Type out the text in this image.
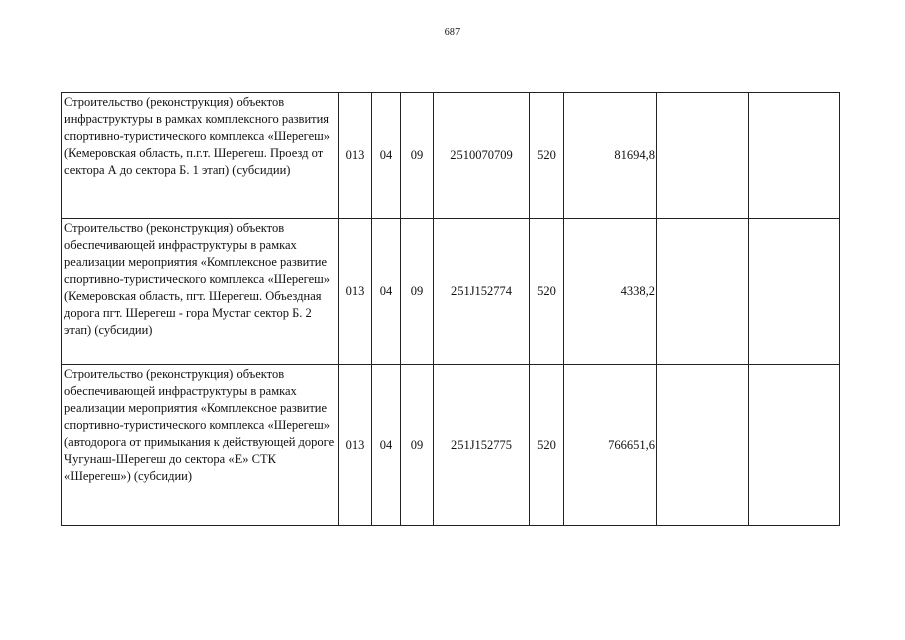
687
Строительство (реконструкция) объектов инфраструктуры в рамках комплексного развития спортивно-туристического комплекса «Шерегеш» (Кемеровская область, п.г.т. Шерегеш. Проезд от сектора А до сектора Б. 1 этап) (субсидии)	013	04	09	2510070709	520	81694,8		
Строительство (реконструкция) объектов обеспечивающей инфраструктуры в рамках реализации мероприятия «Комплексное развитие спортивно-туристического комплекса «Шерегеш» (Кемеровская область, пгт. Шерегеш. Объездная дорога пгт. Шерегеш - гора Мустаг сектор Б. 2 этап) (субсидии)	013	04	09	251J152774	520	4338,2		
Строительство (реконструкция) объектов обеспечивающей инфраструктуры в рамках реализации мероприятия «Комплексное развитие спортивно-туристического комплекса «Шерегеш» (автодорога от примыкания к действующей дороге Чугунаш-Шерегеш до сектора «Е» СТК «Шерегеш») (субсидии)	013	04	09	251J152775	520	766651,6		
